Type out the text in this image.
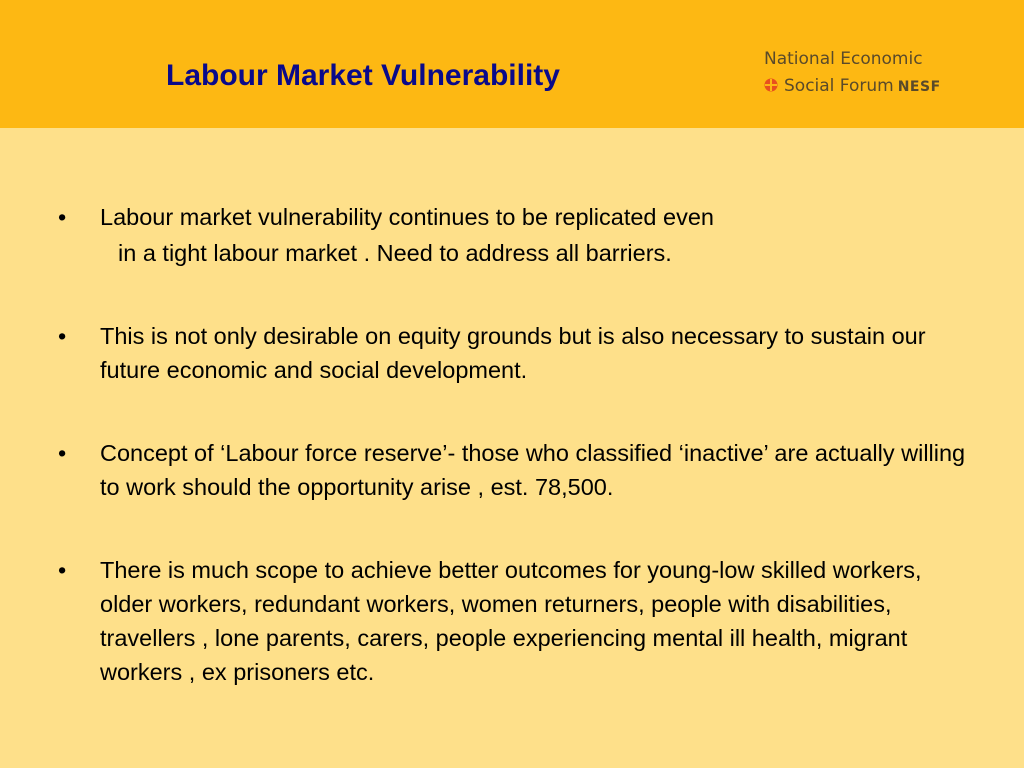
Labour Market Vulnerability	National Economic
Social Forum NESF
• Labour market vulnerability continues to be replicated even
in a tight labour market . Need to address all barriers.
• This is not only desirable on equity grounds but is also necessary to sustain our future economic and social development.
• Concept of ‘Labour force reserve’- those who classified ‘inactive’ are actually willing to work should the opportunity arise , est. 78,500.
• There is much scope to achieve better outcomes for young-low skilled workers, older workers, redundant workers, women returners, people with disabilities, travellers , lone parents, carers, people experiencing mental ill health, migrant workers , ex prisoners etc.
